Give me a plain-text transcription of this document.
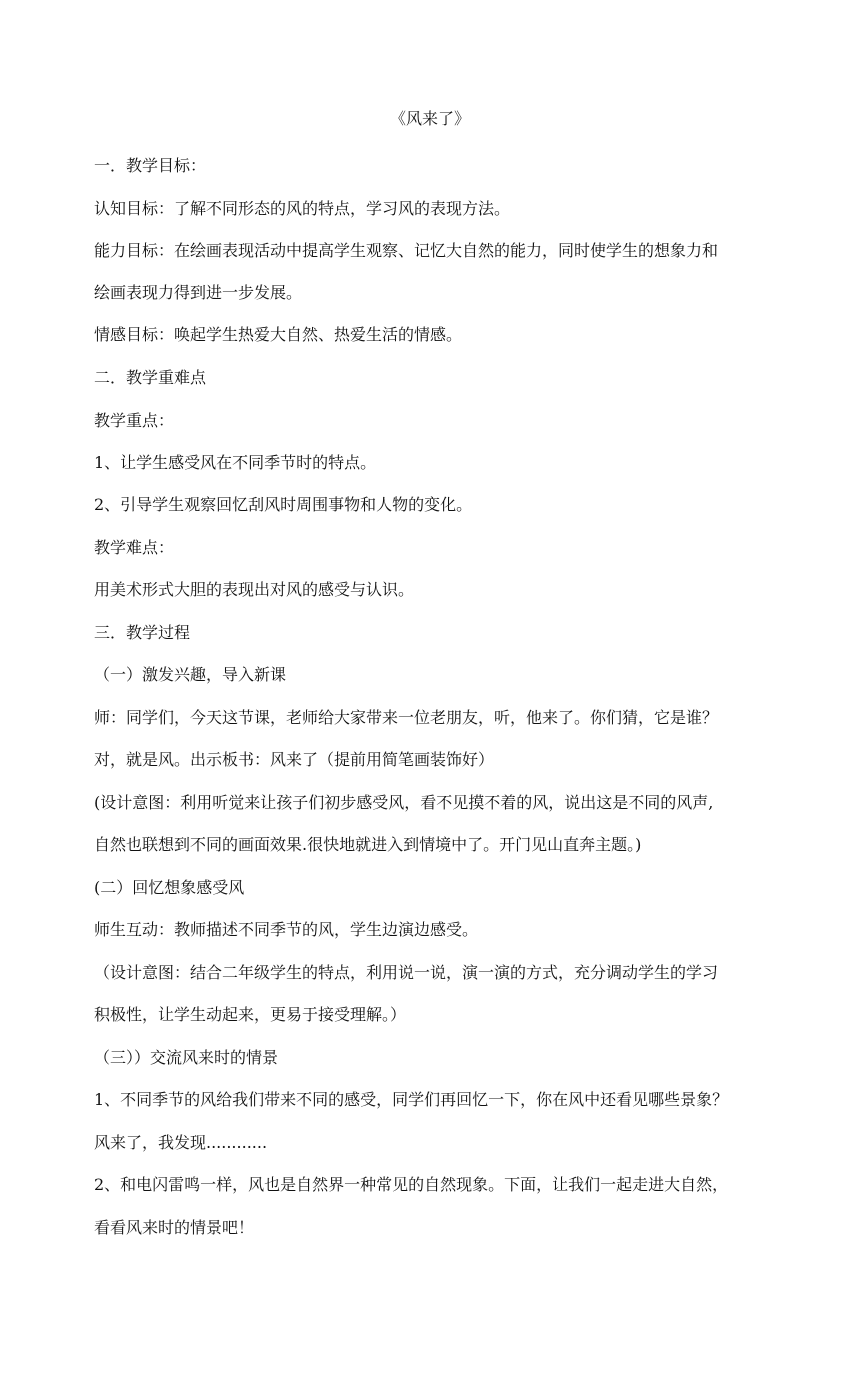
《风来了》
一．教学目标：
认知目标：了解不同形态的风的特点，学习风的表现方法。
能力目标：在绘画表现活动中提高学生观察、记忆大自然的能力，同时使学生的想象力和
绘画表现力得到进一步发展。
情感目标：唤起学生热爱大自然、热爱生活的情感。
二．教学重难点
教学重点：
1、让学生感受风在不同季节时的特点。
2、引导学生观察回忆刮风时周围事物和人物的变化。
教学难点：
用美术形式大胆的表现出对风的感受与认识。
三．教学过程
（一）激发兴趣，导入新课
师：同学们，今天这节课，老师给大家带来一位老朋友，听，他来了。你们猜，它是谁？
对，就是风。出示板书：风来了（提前用简笔画装饰好）
(设计意图：利用听觉来让孩子们初步感受风，看不见摸不着的风，说出这是不同的风声,
自然也联想到不同的画面效果.很快地就进入到情境中了。开门见山直奔主题。)
(二）回忆想象感受风
师生互动：教师描述不同季节的风，学生边演边感受。
（设计意图：结合二年级学生的特点，利用说一说，演一演的方式，充分调动学生的学习
积极性，让学生动起来，更易于接受理解。）
（三））交流风来时的情景
1、不同季节的风给我们带来不同的感受，同学们再回忆一下，你在风中还看见哪些景象？
风来了，我发现............
2、和电闪雷鸣一样，风也是自然界一种常见的自然现象。下面，让我们一起走进大自然，
看看风来时的情景吧！
